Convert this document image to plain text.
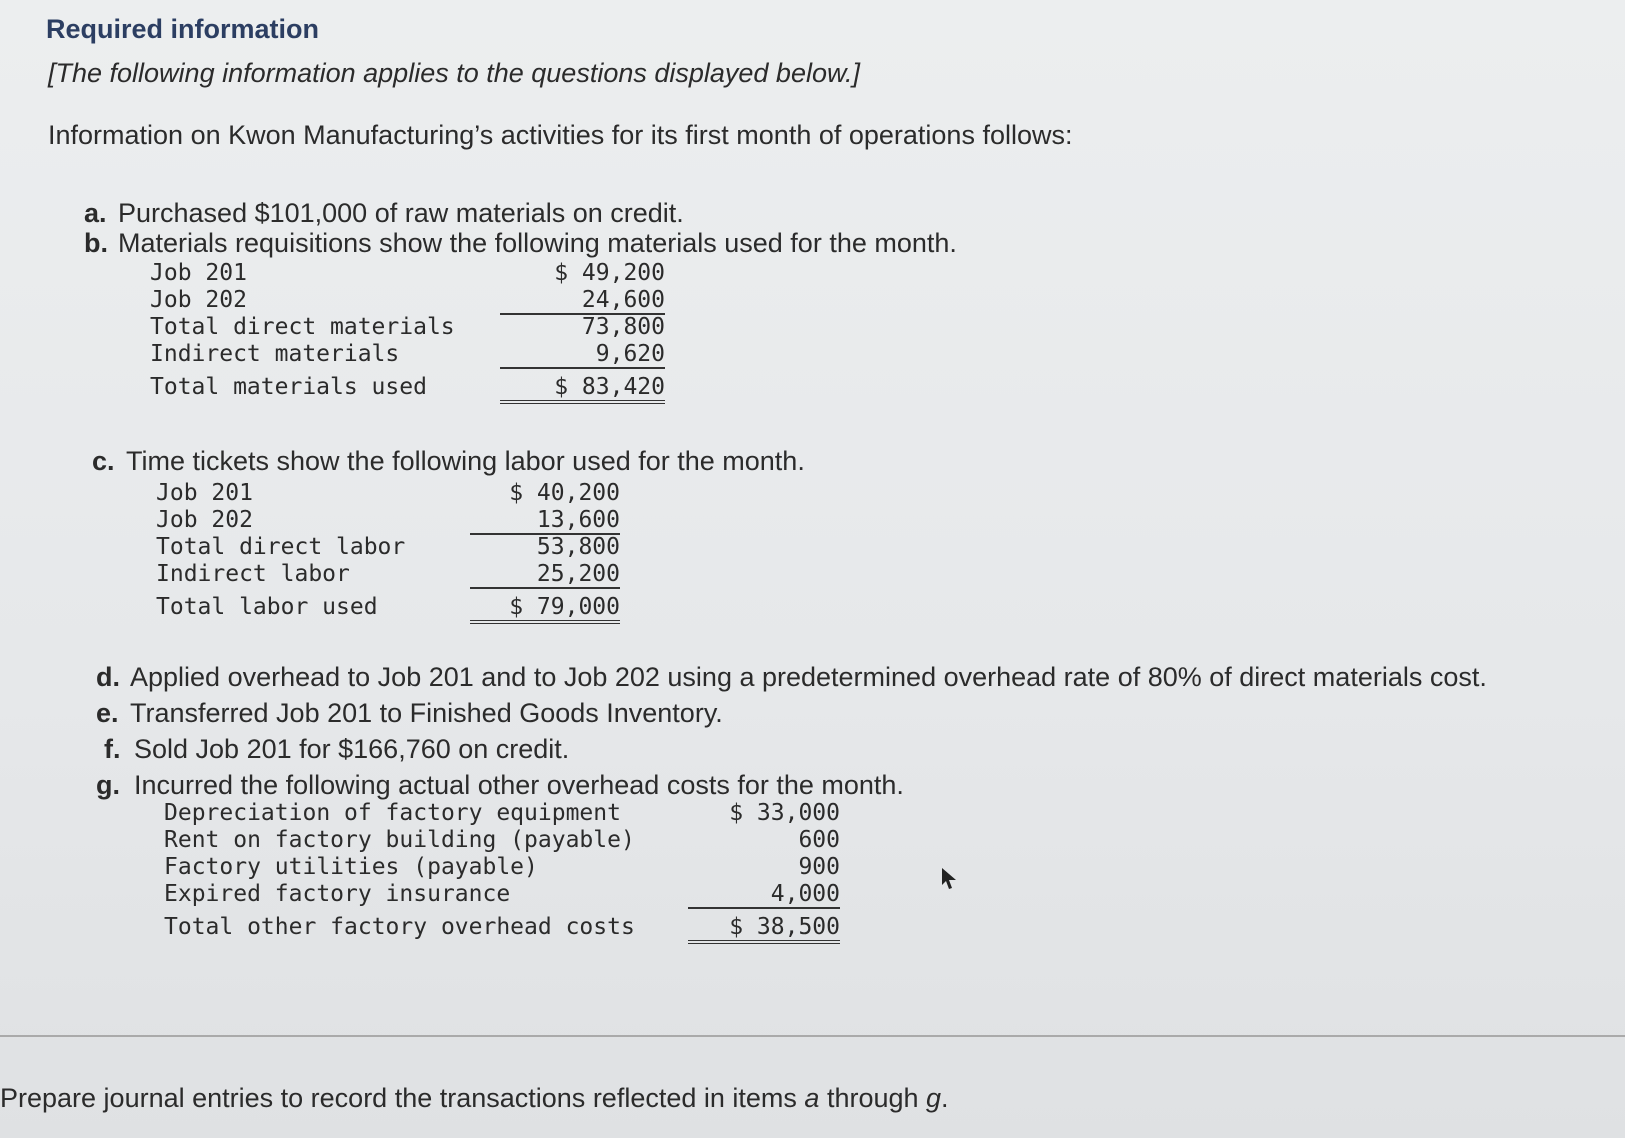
Required information
[The following information applies to the questions displayed below.]
Information on Kwon Manufacturing’s activities for its first month of operations follows:
a. Purchased $101,000 of raw materials on credit.
b. Materials requisitions show the following materials used for the month.
Job 201	$ 49,200
Job 202	24,600
Total direct materials	73,800
Indirect materials	9,620
Total materials used	$ 83,420
c. Time tickets show the following labor used for the month.
Job 201	$ 40,200
Job 202	13,600
Total direct labor	53,800
Indirect labor	25,200
Total labor used	$ 79,000
d. Applied overhead to Job 201 and to Job 202 using a predetermined overhead rate of 80% of direct materials cost.
e. Transferred Job 201 to Finished Goods Inventory.
f. Sold Job 201 for $166,760 on credit.
g. Incurred the following actual other overhead costs for the month.
Depreciation of factory equipment	$ 33,000
Rent on factory building (payable)	600
Factory utilities (payable)	900
Expired factory insurance	4,000
Total other factory overhead costs	$ 38,500
Prepare journal entries to record the transactions reflected in items a through g.
